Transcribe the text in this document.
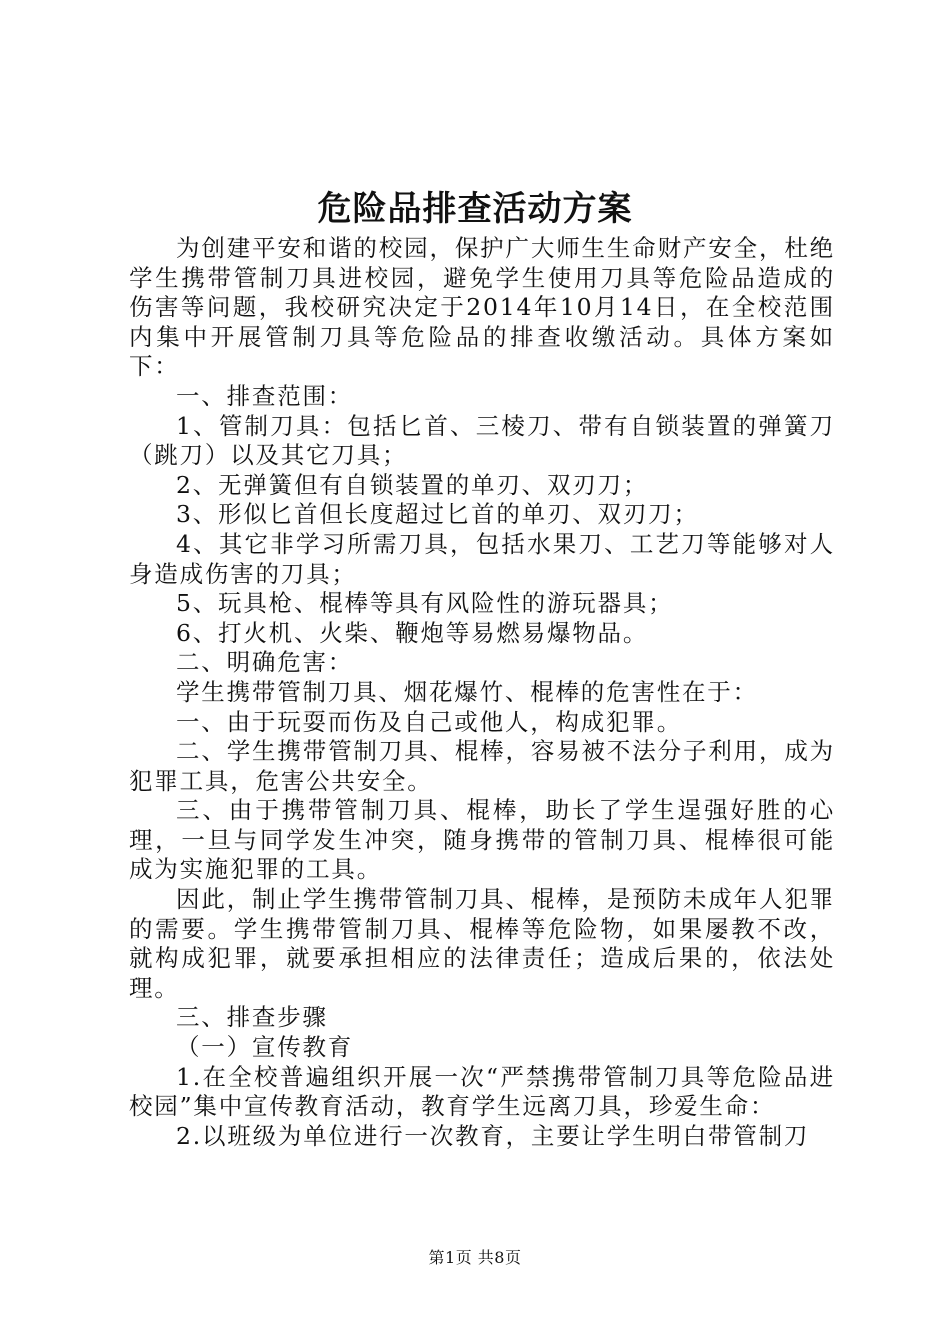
危险品排查活动方案

为创建平安和谐的校园，保护广大师生生命财产安全，杜绝学生携带管制刀具进校园，避免学生使用刀具等危险品造成的伤害等问题，我校研究决定于2014年10月14日，在全校范围内集中开展管制刀具等危险品的排查收缴活动。具体方案如下：

一、排查范围：

1、管制刀具：包括匕首、三棱刀、带有自锁装置的弹簧刀（跳刀）以及其它刀具；

2、无弹簧但有自锁装置的单刃、双刃刀；

3、形似匕首但长度超过匕首的单刃、双刃刀；

4、其它非学习所需刀具，包括水果刀、工艺刀等能够对人身造成伤害的刀具；

5、玩具枪、棍棒等具有风险性的游玩器具；

6、打火机、火柴、鞭炮等易燃易爆物品。

二、明确危害：

学生携带管制刀具、烟花爆竹、棍棒的危害性在于：

一、由于玩耍而伤及自己或他人，构成犯罪。

二、学生携带管制刀具、棍棒，容易被不法分子利用，成为犯罪工具，危害公共安全。

三、由于携带管制刀具、棍棒，助长了学生逞强好胜的心理，一旦与同学发生冲突，随身携带的管制刀具、棍棒很可能成为实施犯罪的工具。

因此，制止学生携带管制刀具、棍棒，是预防未成年人犯罪的需要。学生携带管制刀具、棍棒等危险物，如果屡教不改，就构成犯罪，就要承担相应的法律责任；造成后果的，依法处理。

三、排查步骤

（一）宣传教育

1.在全校普遍组织开展一次“严禁携带管制刀具等危险品进校园”集中宣传教育活动，教育学生远离刀具，珍爱生命：

2.以班级为单位进行一次教育，主要让学生明白带管制刀

第1页 共8页
